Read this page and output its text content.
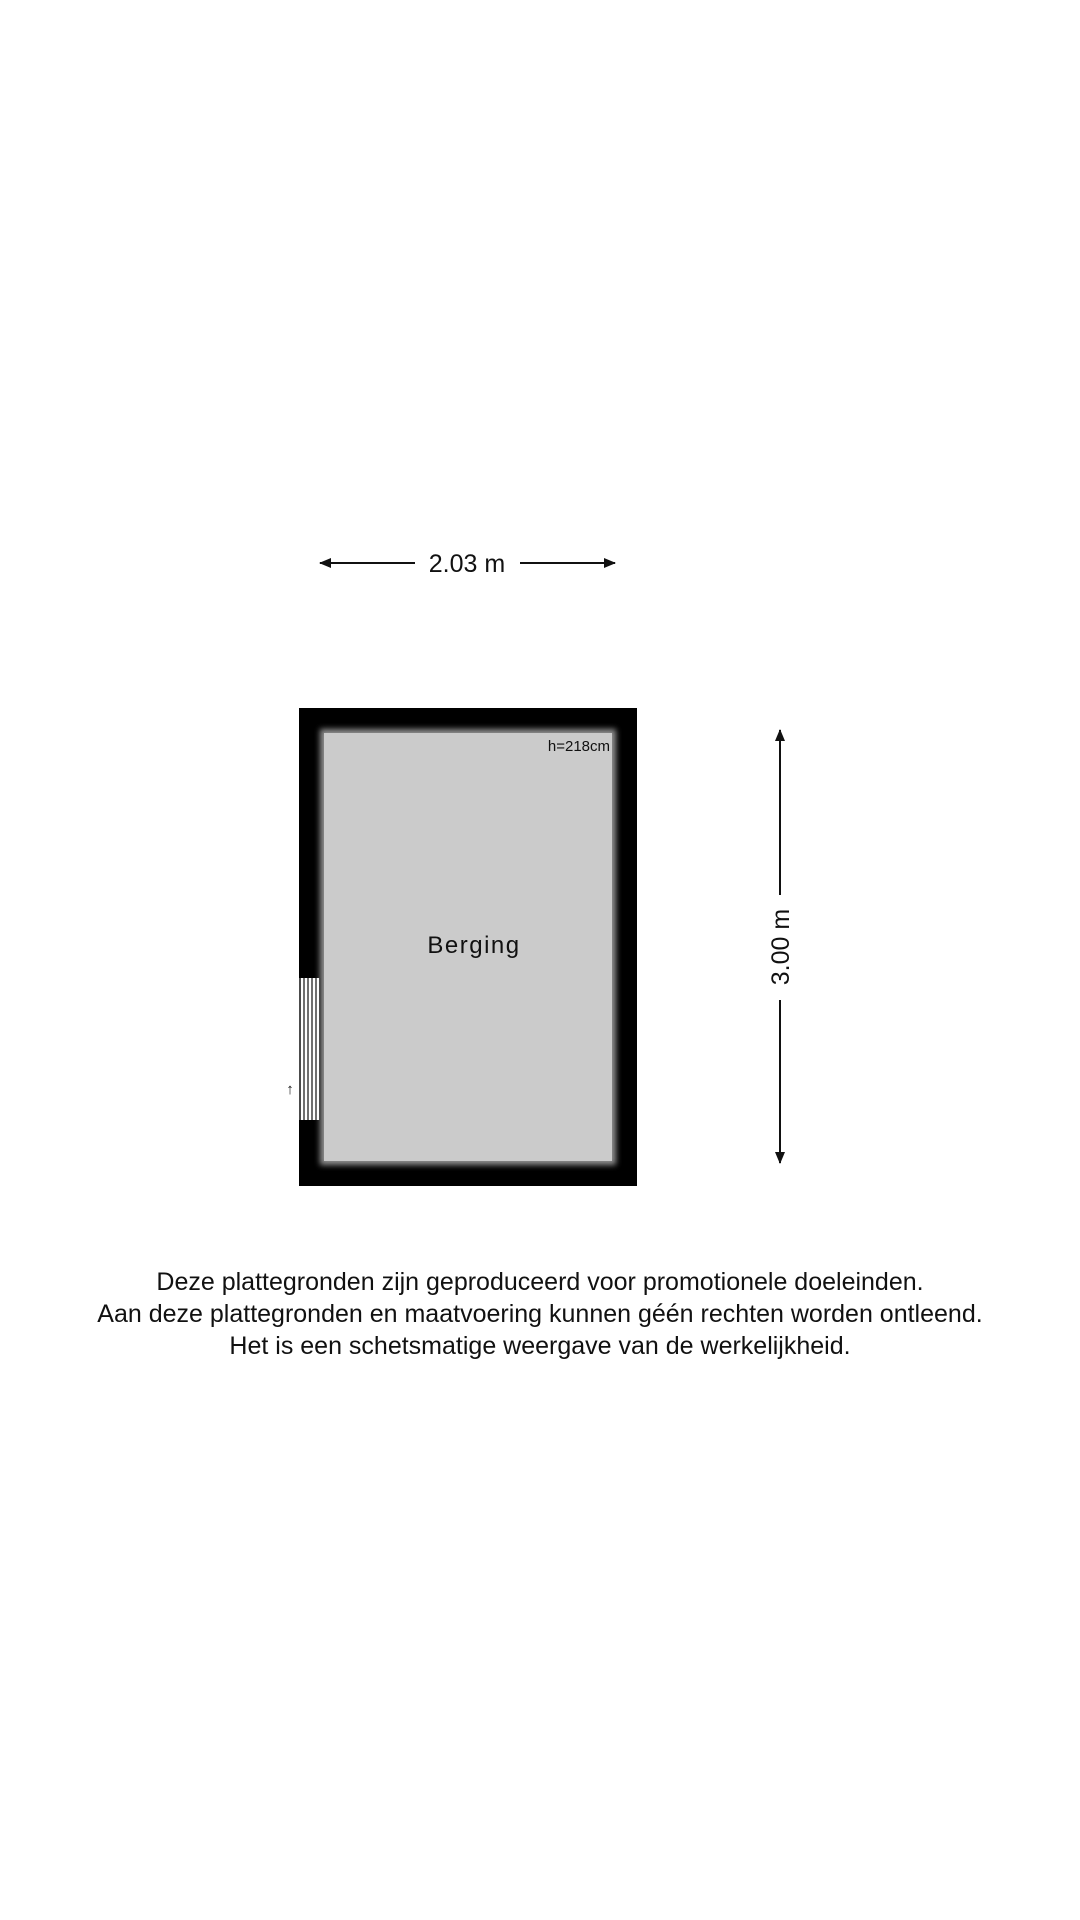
2.03 m
3.00 m
↑
h=218cm
Berging
Deze plattegronden zijn geproduceerd voor promotionele doeleinden.
Aan deze plattegronden en maatvoering kunnen géén rechten worden ontleend.
Het is een schetsmatige weergave van de werkelijkheid.
